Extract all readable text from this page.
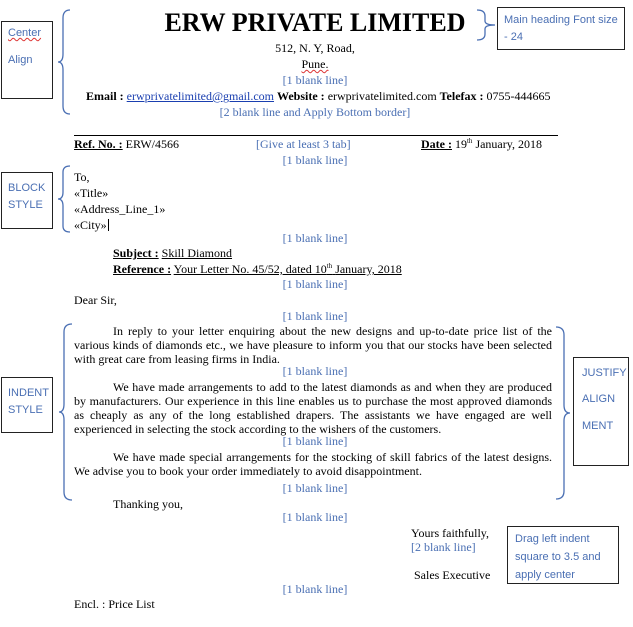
Center
Align
Main heading Font size - 24
BLOCK
STYLE
INDENT
STYLE
JUSTIFY
ALIGN
MENT
Drag left indent square to 3.5 and apply center
ERW PRIVATE LIMITED
512, N. Y, Road,
Pune.
[1 blank line]
Email : erwprivatelimited@gmail.com Website : erwprivatelimited.com Telefax : 0755-444665
[2 blank line and Apply Bottom border]
Ref. No. : ERW/4566	[Give at least 3 tab]	Date : 19th January, 2018
[1 blank line]
To,
«Title»
«Address_Line_1»
«City»
[1 blank line]
Subject : Skill Diamond
Reference : Your Letter No. 45/52, dated 10th January, 2018
[1 blank line]
Dear Sir,
[1 blank line]
In reply to your letter enquiring about the new designs and up-to-date price list of the various kinds of diamonds etc., we have pleasure to inform you that our stocks have been selected with great care from leasing firms in India.
[1 blank line]
We have made arrangements to add to the latest diamonds as and when they are produced by manufacturers. Our experience in this line enables us to purchase the most approved diamonds as cheaply as any of the long established drapers. The assistants we have engaged are well experienced in selecting the stock according to the wishers of the customers.
[1 blank line]
We have made special arrangements for the stocking of skill fabrics of the latest designs. We advise you to book your order immediately to avoid disappointment.
[1 blank line]
Thanking you,
[1 blank line]
Yours faithfully,
[2 blank line]
Sales Executive
[1 blank line]
Encl. : Price List
